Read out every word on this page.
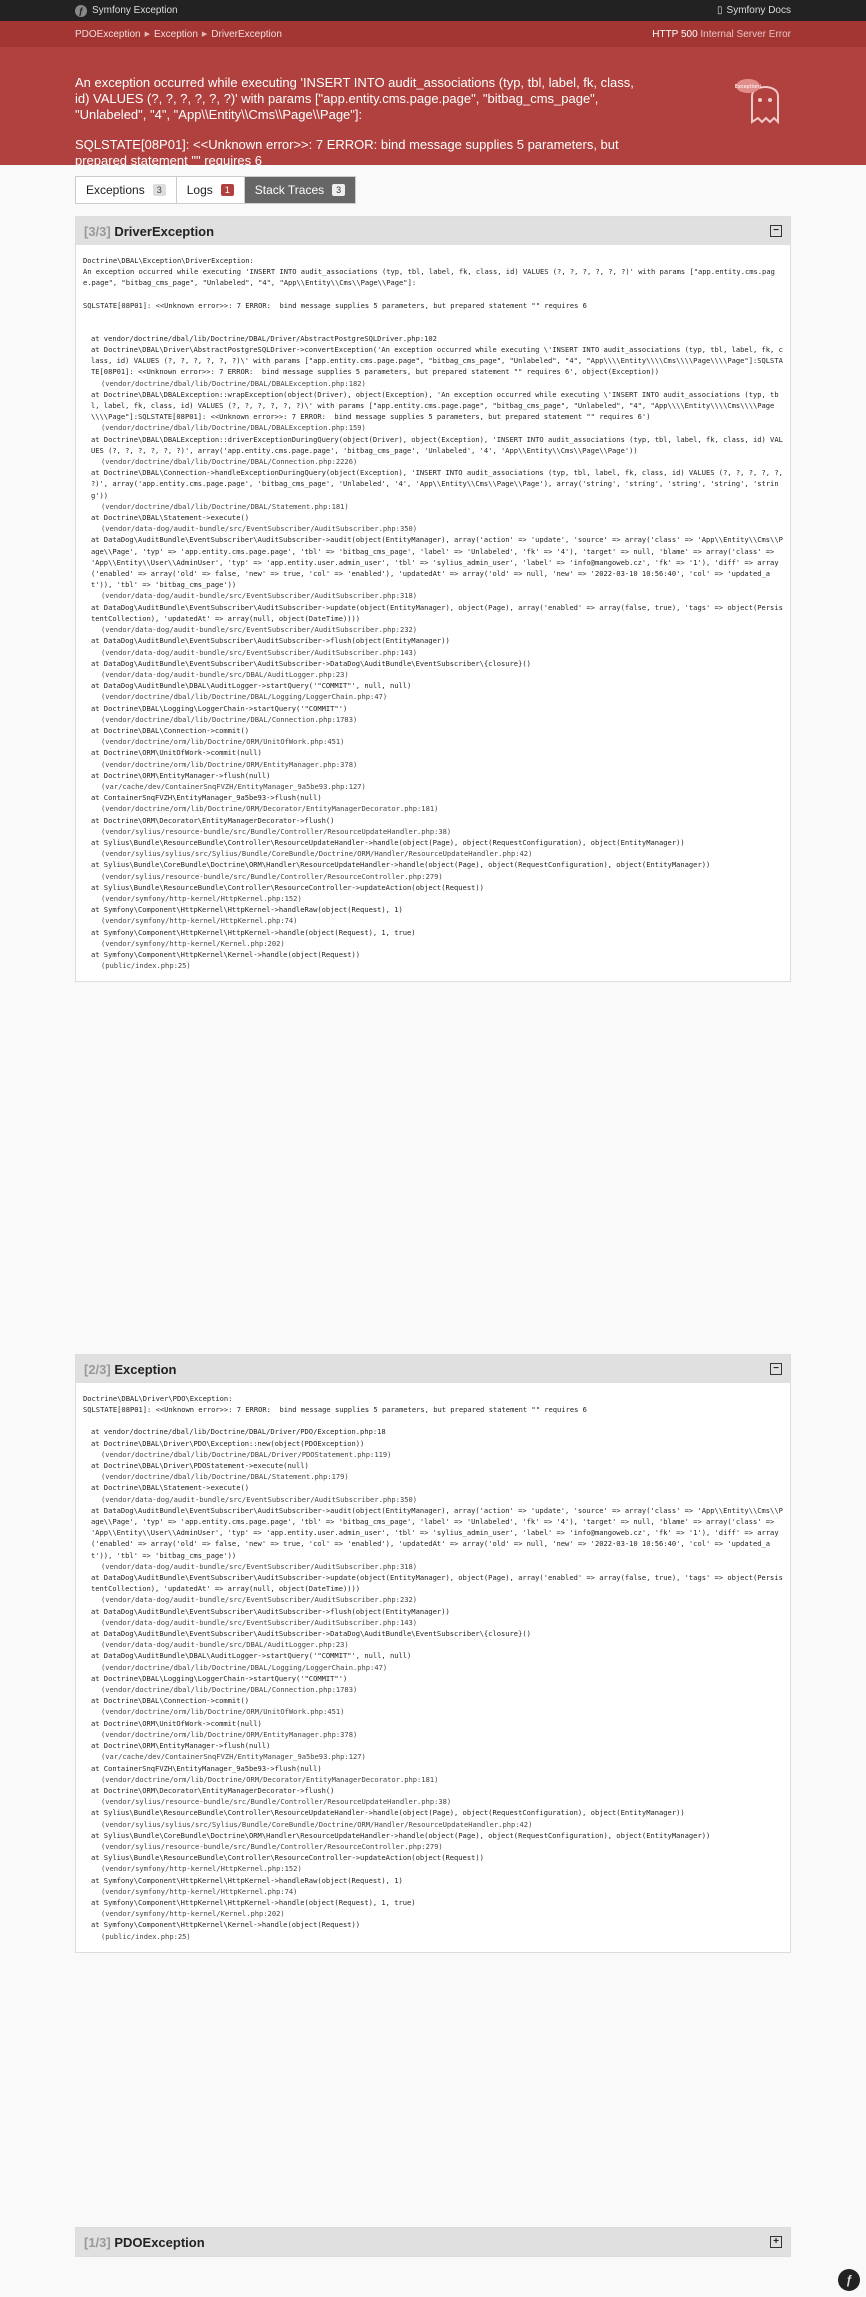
ƒ Symfony Exception	▯ Symfony Docs
PDOException ▶ Exception ▶ DriverException	HTTP 500 Internal Server Error

An exception occurred while executing 'INSERT INTO audit_associations (typ, tbl, label, fk, class, id) VALUES (?, ?, ?, ?, ?, ?)' with params ["app.entity.cms.page.page", "bitbag_cms_page", "Unlabeled", "4", "App\\Entity\\Cms\\Page\\Page"]:

SQLSTATE[08P01]: <<Unknown error>>: 7 ERROR: bind message supplies 5 parameters, but prepared statement "" requires 6

Exception!
Exceptions	3	Logs	1	Stack Traces	3
[3/3] DriverException	−
Doctrine\DBAL\Exception\DriverException:
An exception occurred while executing 'INSERT INTO audit_associations (typ, tbl, label, fk, class, id) VALUES (?, ?, ?, ?, ?, ?)' with params ["app.entity.cms.page.page", "bitbag_cms_page", "Unlabeled", "4", "App\\Entity\\Cms\\Page\\Page"]:
SQLSTATE[08P01]: <<Unknown error>>: 7 ERROR:  bind message supplies 5 parameters, but prepared statement "" requires 6
at vendor/doctrine/dbal/lib/Doctrine/DBAL/Driver/AbstractPostgreSQLDriver.php:102
at Doctrine\DBAL\Driver\AbstractPostgreSQLDriver->convertException('An exception occurred while executing \'INSERT INTO audit_associations (typ, tbl, label, fk, class, id) VALUES (?, ?, ?, ?, ?, ?)\' with params ["app.entity.cms.page.page", "bitbag_cms_page", "Unlabeled", "4", "App\\\\Entity\\\\Cms\\\\Page\\\\Page"]:SQLSTATE[08P01]: <<Unknown error>>: 7 ERROR:  bind message supplies 5 parameters, but prepared statement "" requires 6', object(Exception))
(vendor/doctrine/dbal/lib/Doctrine/DBAL/DBALException.php:182)
at Doctrine\DBAL\DBALException::wrapException(object(Driver), object(Exception), 'An exception occurred while executing \'INSERT INTO audit_associations (typ, tbl, label, fk, class, id) VALUES (?, ?, ?, ?, ?, ?)\' with params ["app.entity.cms.page.page", "bitbag_cms_page", "Unlabeled", "4", "App\\\\Entity\\\\Cms\\\\Page\\\\Page"]:SQLSTATE[08P01]: <<Unknown error>>: 7 ERROR:  bind message supplies 5 parameters, but prepared statement "" requires 6')
(vendor/doctrine/dbal/lib/Doctrine/DBAL/DBALException.php:159)
at Doctrine\DBAL\DBALException::driverExceptionDuringQuery(object(Driver), object(Exception), 'INSERT INTO audit_associations (typ, tbl, label, fk, class, id) VALUES (?, ?, ?, ?, ?, ?)', array('app.entity.cms.page.page', 'bitbag_cms_page', 'Unlabeled', '4', 'App\\Entity\\Cms\\Page\\Page'))
(vendor/doctrine/dbal/lib/Doctrine/DBAL/Connection.php:2226)
at Doctrine\DBAL\Connection->handleExceptionDuringQuery(object(Exception), 'INSERT INTO audit_associations (typ, tbl, label, fk, class, id) VALUES (?, ?, ?, ?, ?, ?)', array('app.entity.cms.page.page', 'bitbag_cms_page', 'Unlabeled', '4', 'App\\Entity\\Cms\\Page\\Page'), array('string', 'string', 'string', 'string', 'string'))
(vendor/doctrine/dbal/lib/Doctrine/DBAL/Statement.php:181)
at Doctrine\DBAL\Statement->execute()
(vendor/data-dog/audit-bundle/src/EventSubscriber/AuditSubscriber.php:350)
at DataDog\AuditBundle\EventSubscriber\AuditSubscriber->audit(object(EntityManager), array('action' => 'update', 'source' => array('class' => 'App\\Entity\\Cms\\Page\\Page', 'typ' => 'app.entity.cms.page.page', 'tbl' => 'bitbag_cms_page', 'label' => 'Unlabeled', 'fk' => '4'), 'target' => null, 'blame' => array('class' => 'App\\Entity\\User\\AdminUser', 'typ' => 'app.entity.user.admin_user', 'tbl' => 'sylius_admin_user', 'label' => 'info@mangoweb.cz', 'fk' => '1'), 'diff' => array('enabled' => array('old' => false, 'new' => true, 'col' => 'enabled'), 'updatedAt' => array('old' => null, 'new' => '2022-03-10 10:56:40', 'col' => 'updated_at')), 'tbl' => 'bitbag_cms_page'))
(vendor/data-dog/audit-bundle/src/EventSubscriber/AuditSubscriber.php:318)
at DataDog\AuditBundle\EventSubscriber\AuditSubscriber->update(object(EntityManager), object(Page), array('enabled' => array(false, true), 'tags' => object(PersistentCollection), 'updatedAt' => array(null, object(DateTime))))
(vendor/data-dog/audit-bundle/src/EventSubscriber/AuditSubscriber.php:232)
at DataDog\AuditBundle\EventSubscriber\AuditSubscriber->flush(object(EntityManager))
(vendor/data-dog/audit-bundle/src/EventSubscriber/AuditSubscriber.php:143)
at DataDog\AuditBundle\EventSubscriber\AuditSubscriber->DataDog\AuditBundle\EventSubscriber\{closure}()
(vendor/data-dog/audit-bundle/src/DBAL/AuditLogger.php:23)
at DataDog\AuditBundle\DBAL\AuditLogger->startQuery('"COMMIT"', null, null)
(vendor/doctrine/dbal/lib/Doctrine/DBAL/Logging/LoggerChain.php:47)
at Doctrine\DBAL\Logging\LoggerChain->startQuery('"COMMIT"')
(vendor/doctrine/dbal/lib/Doctrine/DBAL/Connection.php:1783)
at Doctrine\DBAL\Connection->commit()
(vendor/doctrine/orm/lib/Doctrine/ORM/UnitOfWork.php:451)
at Doctrine\ORM\UnitOfWork->commit(null)
(vendor/doctrine/orm/lib/Doctrine/ORM/EntityManager.php:378)
at Doctrine\ORM\EntityManager->flush(null)
(var/cache/dev/ContainerSnqFVZH/EntityManager_9a5be93.php:127)
at ContainerSnqFVZH\EntityManager_9a5be93->flush(null)
(vendor/doctrine/orm/lib/Doctrine/ORM/Decorator/EntityManagerDecorator.php:181)
at Doctrine\ORM\Decorator\EntityManagerDecorator->flush()
(vendor/sylius/resource-bundle/src/Bundle/Controller/ResourceUpdateHandler.php:38)
at Sylius\Bundle\ResourceBundle\Controller\ResourceUpdateHandler->handle(object(Page), object(RequestConfiguration), object(EntityManager))
(vendor/sylius/sylius/src/Sylius/Bundle/CoreBundle/Doctrine/ORM/Handler/ResourceUpdateHandler.php:42)
at Sylius\Bundle\CoreBundle\Doctrine\ORM\Handler\ResourceUpdateHandler->handle(object(Page), object(RequestConfiguration), object(EntityManager))
(vendor/sylius/resource-bundle/src/Bundle/Controller/ResourceController.php:279)
at Sylius\Bundle\ResourceBundle\Controller\ResourceController->updateAction(object(Request))
(vendor/symfony/http-kernel/HttpKernel.php:152)
at Symfony\Component\HttpKernel\HttpKernel->handleRaw(object(Request), 1)
(vendor/symfony/http-kernel/HttpKernel.php:74)
at Symfony\Component\HttpKernel\HttpKernel->handle(object(Request), 1, true)
(vendor/symfony/http-kernel/Kernel.php:202)
at Symfony\Component\HttpKernel\Kernel->handle(object(Request))
(public/index.php:25)
[2/3] Exception	−
Doctrine\DBAL\Driver\PDO\Exception:
SQLSTATE[08P01]: <<Unknown error>>: 7 ERROR:  bind message supplies 5 parameters, but prepared statement "" requires 6
at vendor/doctrine/dbal/lib/Doctrine/DBAL/Driver/PDO/Exception.php:18
at Doctrine\DBAL\Driver\PDO\Exception::new(object(PDOException))
(vendor/doctrine/dbal/lib/Doctrine/DBAL/Driver/PDOStatement.php:119)
at Doctrine\DBAL\Driver\PDOStatement->execute(null)
(vendor/doctrine/dbal/lib/Doctrine/DBAL/Statement.php:179)
at Doctrine\DBAL\Statement->execute()
(vendor/data-dog/audit-bundle/src/EventSubscriber/AuditSubscriber.php:350)
at DataDog\AuditBundle\EventSubscriber\AuditSubscriber->audit(object(EntityManager), array('action' => 'update', 'source' => array('class' => 'App\\Entity\\Cms\\Page\\Page', 'typ' => 'app.entity.cms.page.page', 'tbl' => 'bitbag_cms_page', 'label' => 'Unlabeled', 'fk' => '4'), 'target' => null, 'blame' => array('class' => 'App\\Entity\\User\\AdminUser', 'typ' => 'app.entity.user.admin_user', 'tbl' => 'sylius_admin_user', 'label' => 'info@mangoweb.cz', 'fk' => '1'), 'diff' => array('enabled' => array('old' => false, 'new' => true, 'col' => 'enabled'), 'updatedAt' => array('old' => null, 'new' => '2022-03-10 10:56:40', 'col' => 'updated_at')), 'tbl' => 'bitbag_cms_page'))
(vendor/data-dog/audit-bundle/src/EventSubscriber/AuditSubscriber.php:318)
at DataDog\AuditBundle\EventSubscriber\AuditSubscriber->update(object(EntityManager), object(Page), array('enabled' => array(false, true), 'tags' => object(PersistentCollection), 'updatedAt' => array(null, object(DateTime))))
(vendor/data-dog/audit-bundle/src/EventSubscriber/AuditSubscriber.php:232)
at DataDog\AuditBundle\EventSubscriber\AuditSubscriber->flush(object(EntityManager))
(vendor/data-dog/audit-bundle/src/EventSubscriber/AuditSubscriber.php:143)
at DataDog\AuditBundle\EventSubscriber\AuditSubscriber->DataDog\AuditBundle\EventSubscriber\{closure}()
(vendor/data-dog/audit-bundle/src/DBAL/AuditLogger.php:23)
at DataDog\AuditBundle\DBAL\AuditLogger->startQuery('"COMMIT"', null, null)
(vendor/doctrine/dbal/lib/Doctrine/DBAL/Logging/LoggerChain.php:47)
at Doctrine\DBAL\Logging\LoggerChain->startQuery('"COMMIT"')
(vendor/doctrine/dbal/lib/Doctrine/DBAL/Connection.php:1783)
at Doctrine\DBAL\Connection->commit()
(vendor/doctrine/orm/lib/Doctrine/ORM/UnitOfWork.php:451)
at Doctrine\ORM\UnitOfWork->commit(null)
(vendor/doctrine/orm/lib/Doctrine/ORM/EntityManager.php:378)
at Doctrine\ORM\EntityManager->flush(null)
(var/cache/dev/ContainerSnqFVZH/EntityManager_9a5be93.php:127)
at ContainerSnqFVZH\EntityManager_9a5be93->flush(null)
(vendor/doctrine/orm/lib/Doctrine/ORM/Decorator/EntityManagerDecorator.php:181)
at Doctrine\ORM\Decorator\EntityManagerDecorator->flush()
(vendor/sylius/resource-bundle/src/Bundle/Controller/ResourceUpdateHandler.php:38)
at Sylius\Bundle\ResourceBundle\Controller\ResourceUpdateHandler->handle(object(Page), object(RequestConfiguration), object(EntityManager))
(vendor/sylius/sylius/src/Sylius/Bundle/CoreBundle/Doctrine/ORM/Handler/ResourceUpdateHandler.php:42)
at Sylius\Bundle\CoreBundle\Doctrine\ORM\Handler\ResourceUpdateHandler->handle(object(Page), object(RequestConfiguration), object(EntityManager))
(vendor/sylius/resource-bundle/src/Bundle/Controller/ResourceController.php:279)
at Sylius\Bundle\ResourceBundle\Controller\ResourceController->updateAction(object(Request))
(vendor/symfony/http-kernel/HttpKernel.php:152)
at Symfony\Component\HttpKernel\HttpKernel->handleRaw(object(Request), 1)
(vendor/symfony/http-kernel/HttpKernel.php:74)
at Symfony\Component\HttpKernel\HttpKernel->handle(object(Request), 1, true)
(vendor/symfony/http-kernel/Kernel.php:202)
at Symfony\Component\HttpKernel\Kernel->handle(object(Request))
(public/index.php:25)
[1/3] PDOException	+
ƒ
